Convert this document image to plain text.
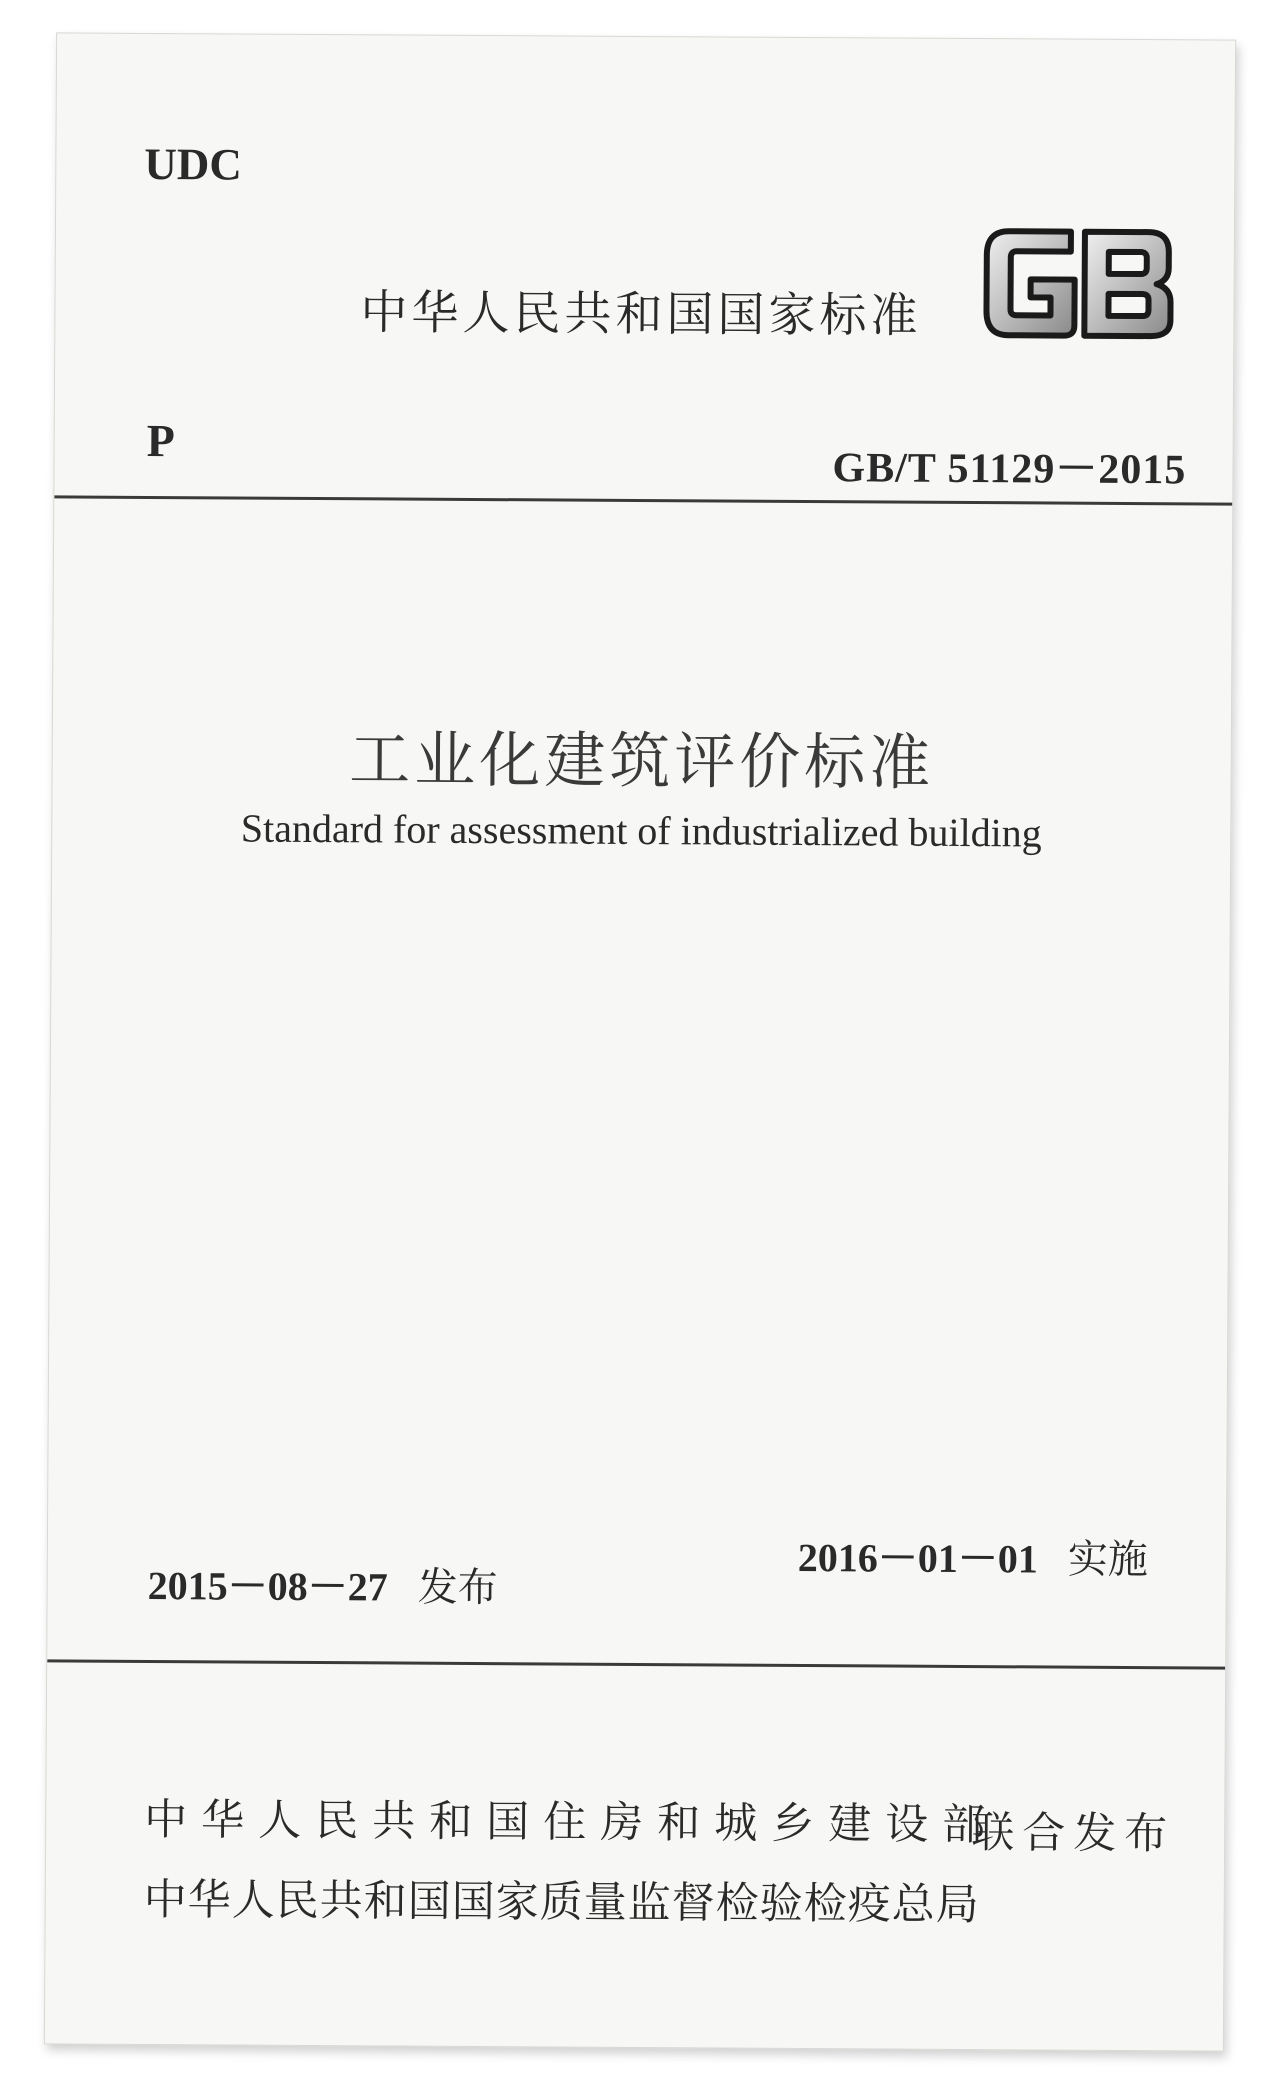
UDC
中华人民共和国国家标准
P
GB/T 51129－2015
工业化建筑评价标准
Standard for assessment of industrialized building
2015－08－27 发布
2016－01－01 实施
中华人民共和国住房和城乡建设部
中华人民共和国国家质量监督检验检疫总局
联合发布
